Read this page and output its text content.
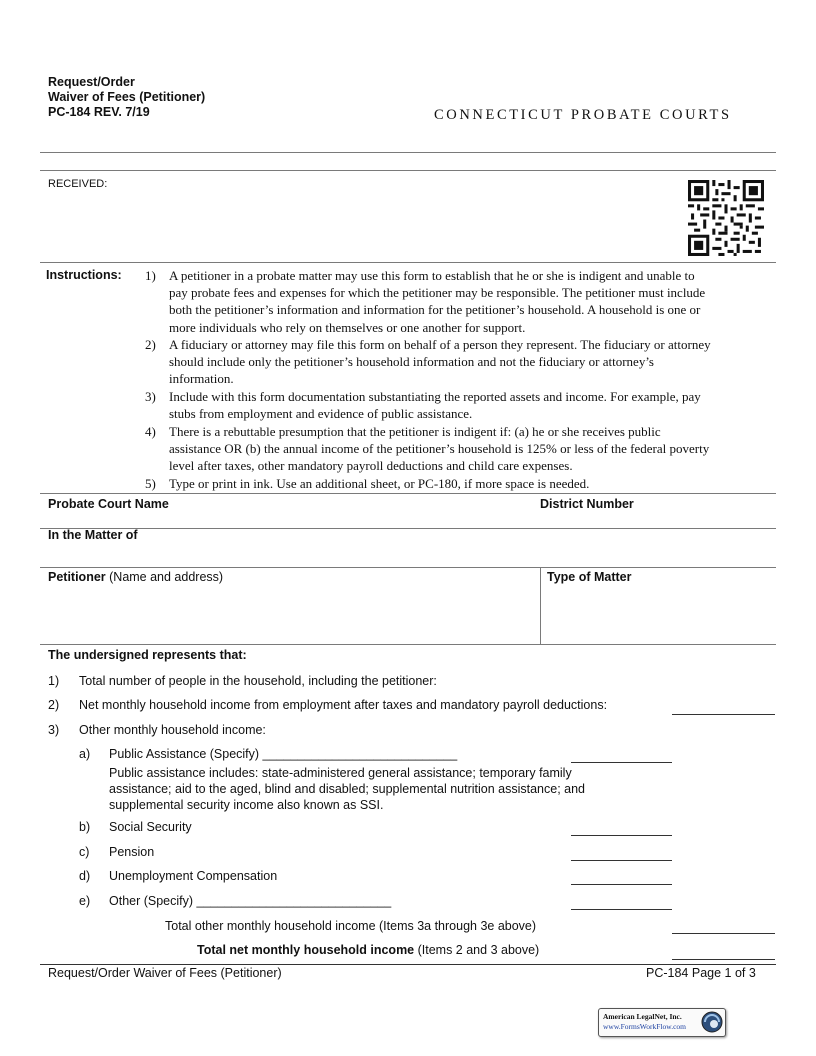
Request/Order
Waiver of Fees (Petitioner)
PC-184 REV. 7/19	CONNECTICUT PROBATE COURTS
RECEIVED:
Instructions: 1) A petitioner in a probate matter may use this form to establish that he or she is indigent and unable to
pay probate fees and expenses for which the petitioner may be responsible. The petitioner must include
both the petitioner’s information and information for the petitioner’s household. A household is one or
more individuals who rely on themselves or one another for support.
2) A fiduciary or attorney may file this form on behalf of a person they represent. The fiduciary or attorney
should include only the petitioner’s household information and not the fiduciary or attorney’s
information.
3) Include with this form documentation substantiating the reported assets and income. For example, pay
stubs from employment and evidence of public assistance.
4) There is a rebuttable presumption that the petitioner is indigent if: (a) he or she receives public
assistance OR (b) the annual income of the petitioner’s household is 125% or less of the federal poverty
level after taxes, other mandatory payroll deductions and child care expenses.
5) Type or print in ink. Use an additional sheet, or PC-180, if more space is needed.
Probate Court Name	District Number
In the Matter of
Petitioner (Name and address)	Type of Matter
The undersigned represents that:
1) Total number of people in the household, including the petitioner:
2) Net monthly household income from employment after taxes and mandatory payroll deductions:
3) Other monthly household income:
a) Public Assistance (Specify) ____________________________
Public assistance includes: state-administered general assistance; temporary family
assistance; aid to the aged, blind and disabled; supplemental nutrition assistance; and
supplemental security income also known as SSI.
b) Social Security
c) Pension
d) Unemployment Compensation
e) Other (Specify) ____________________________
Total other monthly household income (Items 3a through 3e above)
Total net monthly household income (Items 2 and 3 above)
Request/Order Waiver of Fees (Petitioner)	PC-184 Page 1 of 3
American LegalNet, Inc.
www.FormsWorkFlow.com
